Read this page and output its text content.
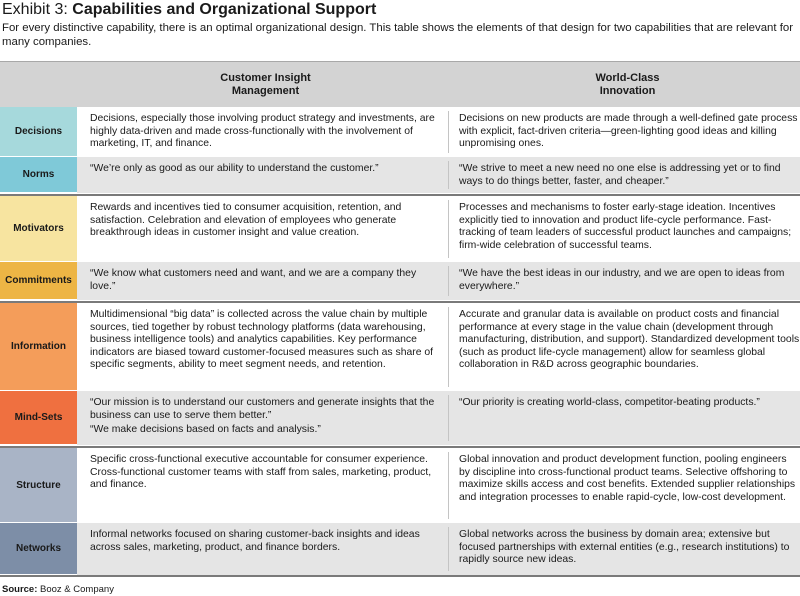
Exhibit 3: Capabilities and Organizational Support
For every distinctive capability, there is an optimal organizational design. This table shows the elements of that design for two capabilities that are relevant for many companies.
Customer Insight
Management
World-Class
Innovation
Decisions

Decisions, especially those involving product strategy and investments, are highly data-driven and made cross-functionally with the involvement of marketing, IT, and finance.

Decisions on new products are made through a well-defined gate process with explicit, fact-driven criteria—green-lighting good ideas and killing unpromising ones.

Norms

“We’re only as good as our ability to understand the customer.”	“We strive to meet a new need no one else is addressing yet or to find ways to do things better, faster, and cheaper.”

Motivators

Rewards and incentives tied to consumer acquisition, retention, and satisfaction. Celebration and elevation of employees who generate breakthrough ideas in customer insight and value creation.

Processes and mechanisms to foster early-stage ideation. Incentives explicitly tied to innovation and product life-cycle performance. Fast-tracking of team leaders of successful product launches and campaigns; firm-wide celebration of successful teams.

Commitments

“We know what customers need and want, and we are a company they love.”

“We have the best ideas in our industry, and we are open to ideas from everywhere.”

Information

Multidimensional “big data” is collected across the value chain by multiple sources, tied together by robust technology platforms (data warehousing, business intelligence tools) and analytics capabilities. Key performance indicators are biased toward customer-focused measures such as share of specific segments, ability to meet segment needs, and retention.

Accurate and granular data is available on product costs and financial performance at every stage in the value chain (development through manufacturing, distribution, and support). Standardized development tools (such as product life-cycle management) allow for seamless global collaboration in R&D across geographic boundaries.

Mind-Sets

“Our mission is to understand our customers and generate insights that the business can use to serve them better.”

“We make decisions based on facts and analysis.”

“Our priority is creating world-class, competitor-beating products.”

Structure

Specific cross-functional executive accountable for consumer experience. Cross-functional customer teams with staff from sales, marketing, product, and finance.

Global innovation and product development function, pooling engineers by discipline into cross-functional product teams. Selective offshoring to maximize skills access and cost benefits. Extended supplier relationships and integration processes to enable rapid-cycle, low-cost development.

Networks

Informal networks focused on sharing customer-back insights and ideas across sales, marketing, product, and finance borders.

Global networks across the business by domain area; extensive but focused partnerships with external entities (e.g., research institutions) to rapidly source new ideas.

Source: Booz & Company
